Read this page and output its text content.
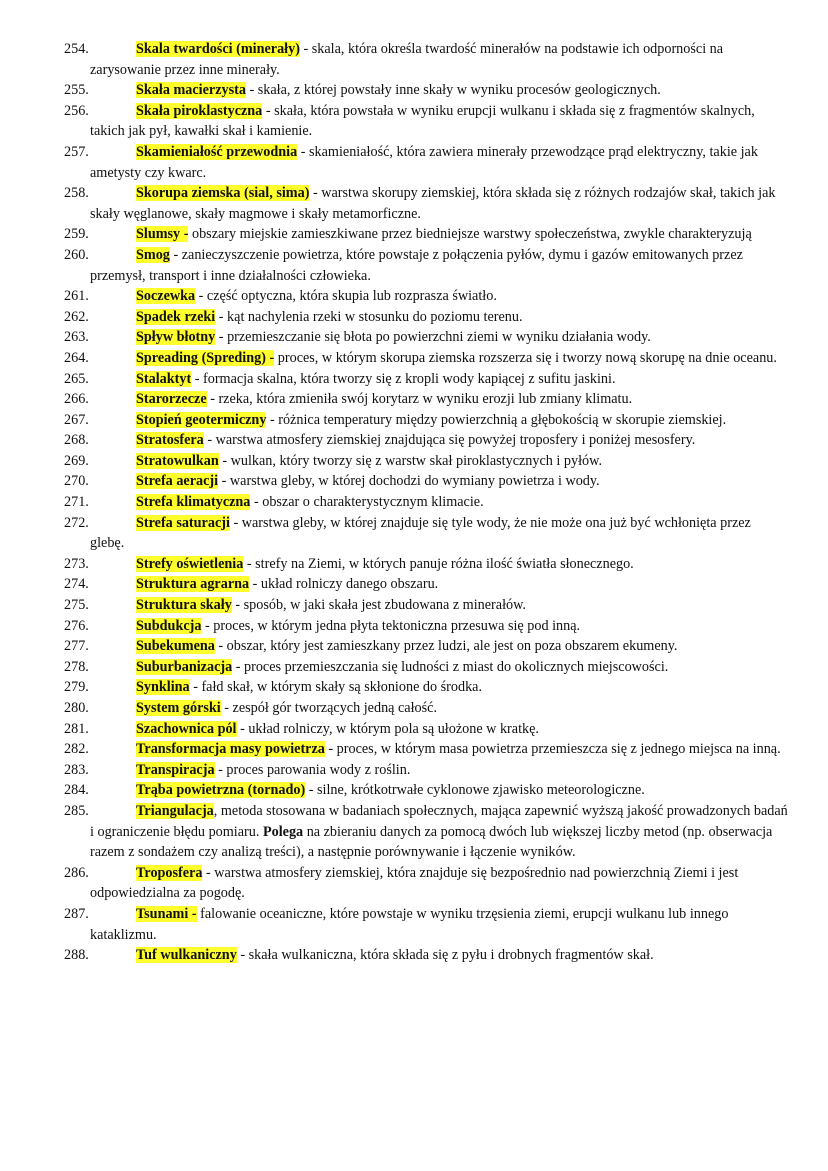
254.	Skala twardości (minerały) - skala, która określa twardość minerałów na podstawie ich odporności na zarysowanie przez inne minerały.

255.	Skała macierzysta - skała, z której powstały inne skały w wyniku procesów geologicznych.

256.	Skała piroklastyczna - skała, która powstała w wyniku erupcji wulkanu i składa się z fragmentów skalnych, takich jak pył, kawałki skał i kamienie.

257.	Skamieniałość przewodnia - skamieniałość, która zawiera minerały przewodzące prąd elektryczny, takie jak ametysty czy kwarc.

258.	Skorupa ziemska (sial, sima) - warstwa skorupy ziemskiej, która składa się z różnych rodzajów skał, takich jak skały węglanowe, skały magmowe i skały metamorficzne.

259.	Slumsy - obszary miejskie zamieszkiwane przez biedniejsze warstwy społeczeństwa, zwykle charakteryzują

260.	Smog - zanieczyszczenie powietrza, które powstaje z połączenia pyłów, dymu i gazów emitowanych przez przemysł, transport i inne działalności człowieka.

261.	Soczewka - część optyczna, która skupia lub rozprasza światło.

262.	Spadek rzeki - kąt nachylenia rzeki w stosunku do poziomu terenu.

263.	Spływ błotny - przemieszczanie się błota po powierzchni ziemi w wyniku działania wody.

264.	Spreading (Spreding) - proces, w którym skorupa ziemska rozszerza się i tworzy nową skorupę na dnie oceanu.

265.	Stalaktyt - formacja skalna, która tworzy się z kropli wody kapiącej z sufitu jaskini.

266.	Starorzecze - rzeka, która zmieniła swój korytarz w wyniku erozji lub zmiany klimatu.

267.	Stopień geotermiczny - różnica temperatury między powierzchnią a głębokością w skorupie ziemskiej.

268.	Stratosfera - warstwa atmosfery ziemskiej znajdująca się powyżej troposfery i poniżej mesosfery.

269.	Stratowulkan - wulkan, który tworzy się z warstw skał piroklastycznych i pyłów.

270.	Strefa aeracji - warstwa gleby, w której dochodzi do wymiany powietrza i wody.

271.	Strefa klimatyczna - obszar o charakterystycznym klimacie.

272.	Strefa saturacji - warstwa gleby, w której znajduje się tyle wody, że nie może ona już być wchłonięta przez glebę.

273.	Strefy oświetlenia - strefy na Ziemi, w których panuje różna ilość światła słonecznego.

274.	Struktura agrarna - układ rolniczy danego obszaru.

275.	Struktura skały - sposób, w jaki skała jest zbudowana z minerałów.

276.	Subdukcja - proces, w którym jedna płyta tektoniczna przesuwa się pod inną.

277.	Subekumena - obszar, który jest zamieszkany przez ludzi, ale jest on poza obszarem ekumeny.

278.	Suburbanizacja - proces przemieszczania się ludności z miast do okolicznych miejscowości.

279.	Synklina - fałd skał, w którym skały są skłonione do środka.

280.	System górski - zespół gór tworzących jedną całość.

281.	Szachownica pól - układ rolniczy, w którym pola są ułożone w kratkę.

282.	Transformacja masy powietrza - proces, w którym masa powietrza przemieszcza się z jednego miejsca na inną.

283.	Transpiracja - proces parowania wody z roślin.

284.	Trąba powietrzna (tornado) - silne, krótkotrwałe cyklonowe zjawisko meteorologiczne.

285.	Triangulacja, metoda stosowana w badaniach społecznych, mająca zapewnić wyższą jakość prowadzonych badań i ograniczenie błędu pomiaru. Polega na zbieraniu danych za pomocą dwóch lub większej liczby metod (np. obserwacja razem z sondażem czy analizą treści), a następnie porównywanie i łączenie wyników.

286.	Troposfera - warstwa atmosfery ziemskiej, która znajduje się bezpośrednio nad powierzchnią Ziemi i jest odpowiedzialna za pogodę.

287.	Tsunami - falowanie oceaniczne, które powstaje w wyniku trzęsienia ziemi, erupcji wulkanu lub innego kataklizmu.

288.	Tuf wulkaniczny - skała wulkaniczna, która składa się z pyłu i drobnych fragmentów skał.
